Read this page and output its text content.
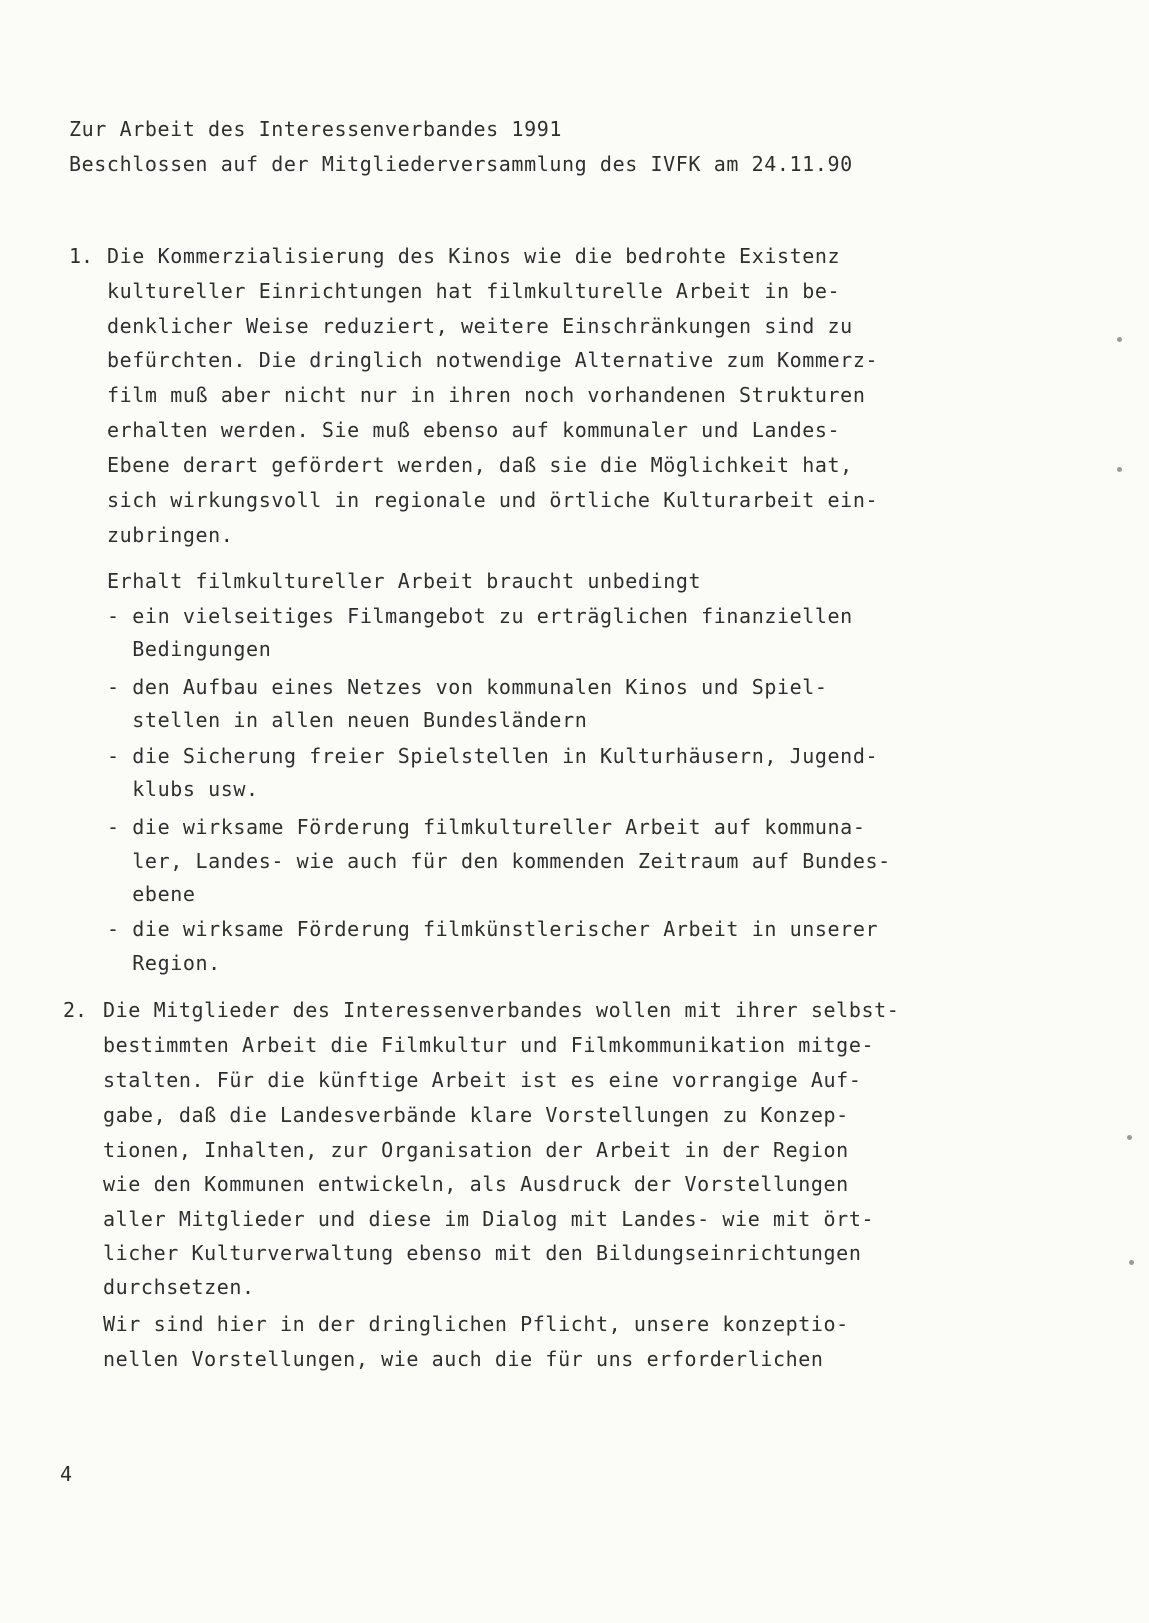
Zur Arbeit des Interessenverbandes 1991
Beschlossen auf der Mitgliederversammlung des IVFK am 24.11.90
1. Die Kommerzialisierung des Kinos wie die bedrohte Existenz
kultureller Einrichtungen hat filmkulturelle Arbeit in be-
denklicher Weise reduziert, weitere Einschränkungen sind zu
befürchten. Die dringlich notwendige Alternative zum Kommerz-
film muß aber nicht nur in ihren noch vorhandenen Strukturen
erhalten werden. Sie muß ebenso auf kommunaler und Landes-
Ebene derart gefördert werden, daß sie die Möglichkeit hat,
sich wirkungsvoll in regionale und örtliche Kulturarbeit ein-
zubringen.
Erhalt filmkultureller Arbeit braucht unbedingt
- ein vielseitiges Filmangebot zu erträglichen finanziellen
Bedingungen
- den Aufbau eines Netzes von kommunalen Kinos und Spiel-
stellen in allen neuen Bundesländern
- die Sicherung freier Spielstellen in Kulturhäusern, Jugend-
klubs usw.
- die wirksame Förderung filmkultureller Arbeit auf kommuna-
ler, Landes- wie auch für den kommenden Zeitraum auf Bundes-
ebene
- die wirksame Förderung filmkünstlerischer Arbeit in unserer
Region.
2. Die Mitglieder des Interessenverbandes wollen mit ihrer selbst-
bestimmten Arbeit die Filmkultur und Filmkommunikation mitge-
stalten. Für die künftige Arbeit ist es eine vorrangige Auf-
gabe, daß die Landesverbände klare Vorstellungen zu Konzep-
tionen, Inhalten, zur Organisation der Arbeit in der Region
wie den Kommunen entwickeln, als Ausdruck der Vorstellungen
aller Mitglieder und diese im Dialog mit Landes- wie mit ört-
licher Kulturverwaltung ebenso mit den Bildungseinrichtungen
durchsetzen.
Wir sind hier in der dringlichen Pflicht, unsere konzeptio-
nellen Vorstellungen, wie auch die für uns erforderlichen
4
